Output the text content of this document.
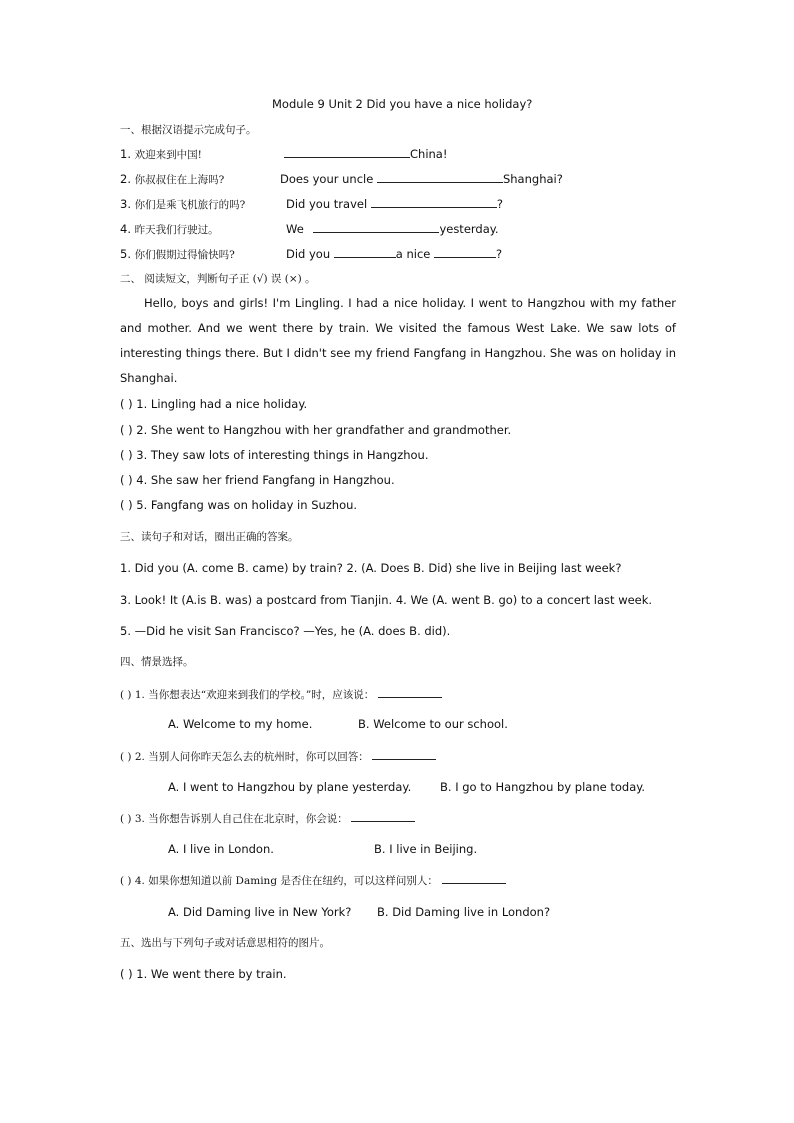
Module 9 Unit 2 Did you have a nice holiday?
一、根据汉语提示完成句子。
1. 欢迎来到中国!	China!
2. 你叔叔住在上海吗?	Does your uncle	Shanghai?
3. 你们是乘飞机旅行的吗?	Did you travel	?
4. 昨天我们行驶过。	We	yesterday.
5. 你们假期过得愉快吗?	Did you	a nice	?
二、 阅读短文，判断句子正 (√) 误 (×) 。
Hello, boys and girls! I'm Lingling. I had a nice holiday. I went to Hangzhou with my father and mother. And we went there by train. We visited the famous West Lake. We saw lots of interesting things there. But I didn't see my friend Fangfang in Hangzhou. She was on holiday in Shanghai.
( ) 1. Lingling had a nice holiday.
( ) 2. She went to Hangzhou with her grandfather and grandmother.
( ) 3. They saw lots of interesting things in Hangzhou.
( ) 4. She saw her friend Fangfang in Hangzhou.
( ) 5. Fangfang was on holiday in Suzhou.
三、读句子和对话，圈出正确的答案。
1. Did you (A. come B. came) by train? 2. (A. Does B. Did) she live in Beijing last week?
3. Look! It (A.is B. was) a postcard from Tianjin. 4. We (A. went B. go) to a concert last week.
5. —Did he visit San Francisco? —Yes, he (A. does B. did).
四、情景选择。
( ) 1. 当你想表达“欢迎来到我们的学校。”时，应该说：
A. Welcome to my home.	B. Welcome to our school.
( ) 2. 当别人问你昨天怎么去的杭州时，你可以回答：
A. I went to Hangzhou by plane yesterday.	B. I go to Hangzhou by plane today.
( ) 3. 当你想告诉别人自己住在北京时，你会说：
A. I live in London.	B. I live in Beijing.
( ) 4. 如果你想知道以前 Daming 是否住在纽约，可以这样问别人：
A. Did Daming live in New York? B. Did Daming live in London?
五、选出与下列句子或对话意思相符的图片。
( ) 1. We went there by train.
